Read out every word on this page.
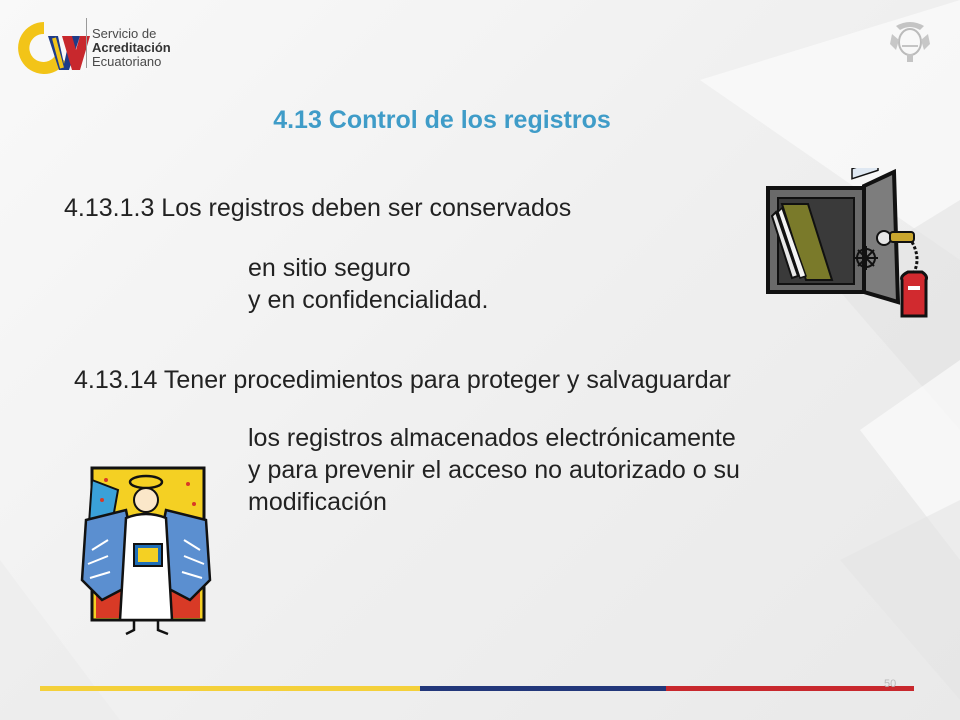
Servicio de
Acreditación
Ecuatoriano
4.13 Control de los registros
4.13.1.3 Los registros deben ser conservados
en sitio seguro
y en confidencialidad.
4.13.14 Tener procedimientos para proteger y salvaguardar
los registros almacenados electrónicamente
y para prevenir el acceso no autorizado o su
modificación
50
